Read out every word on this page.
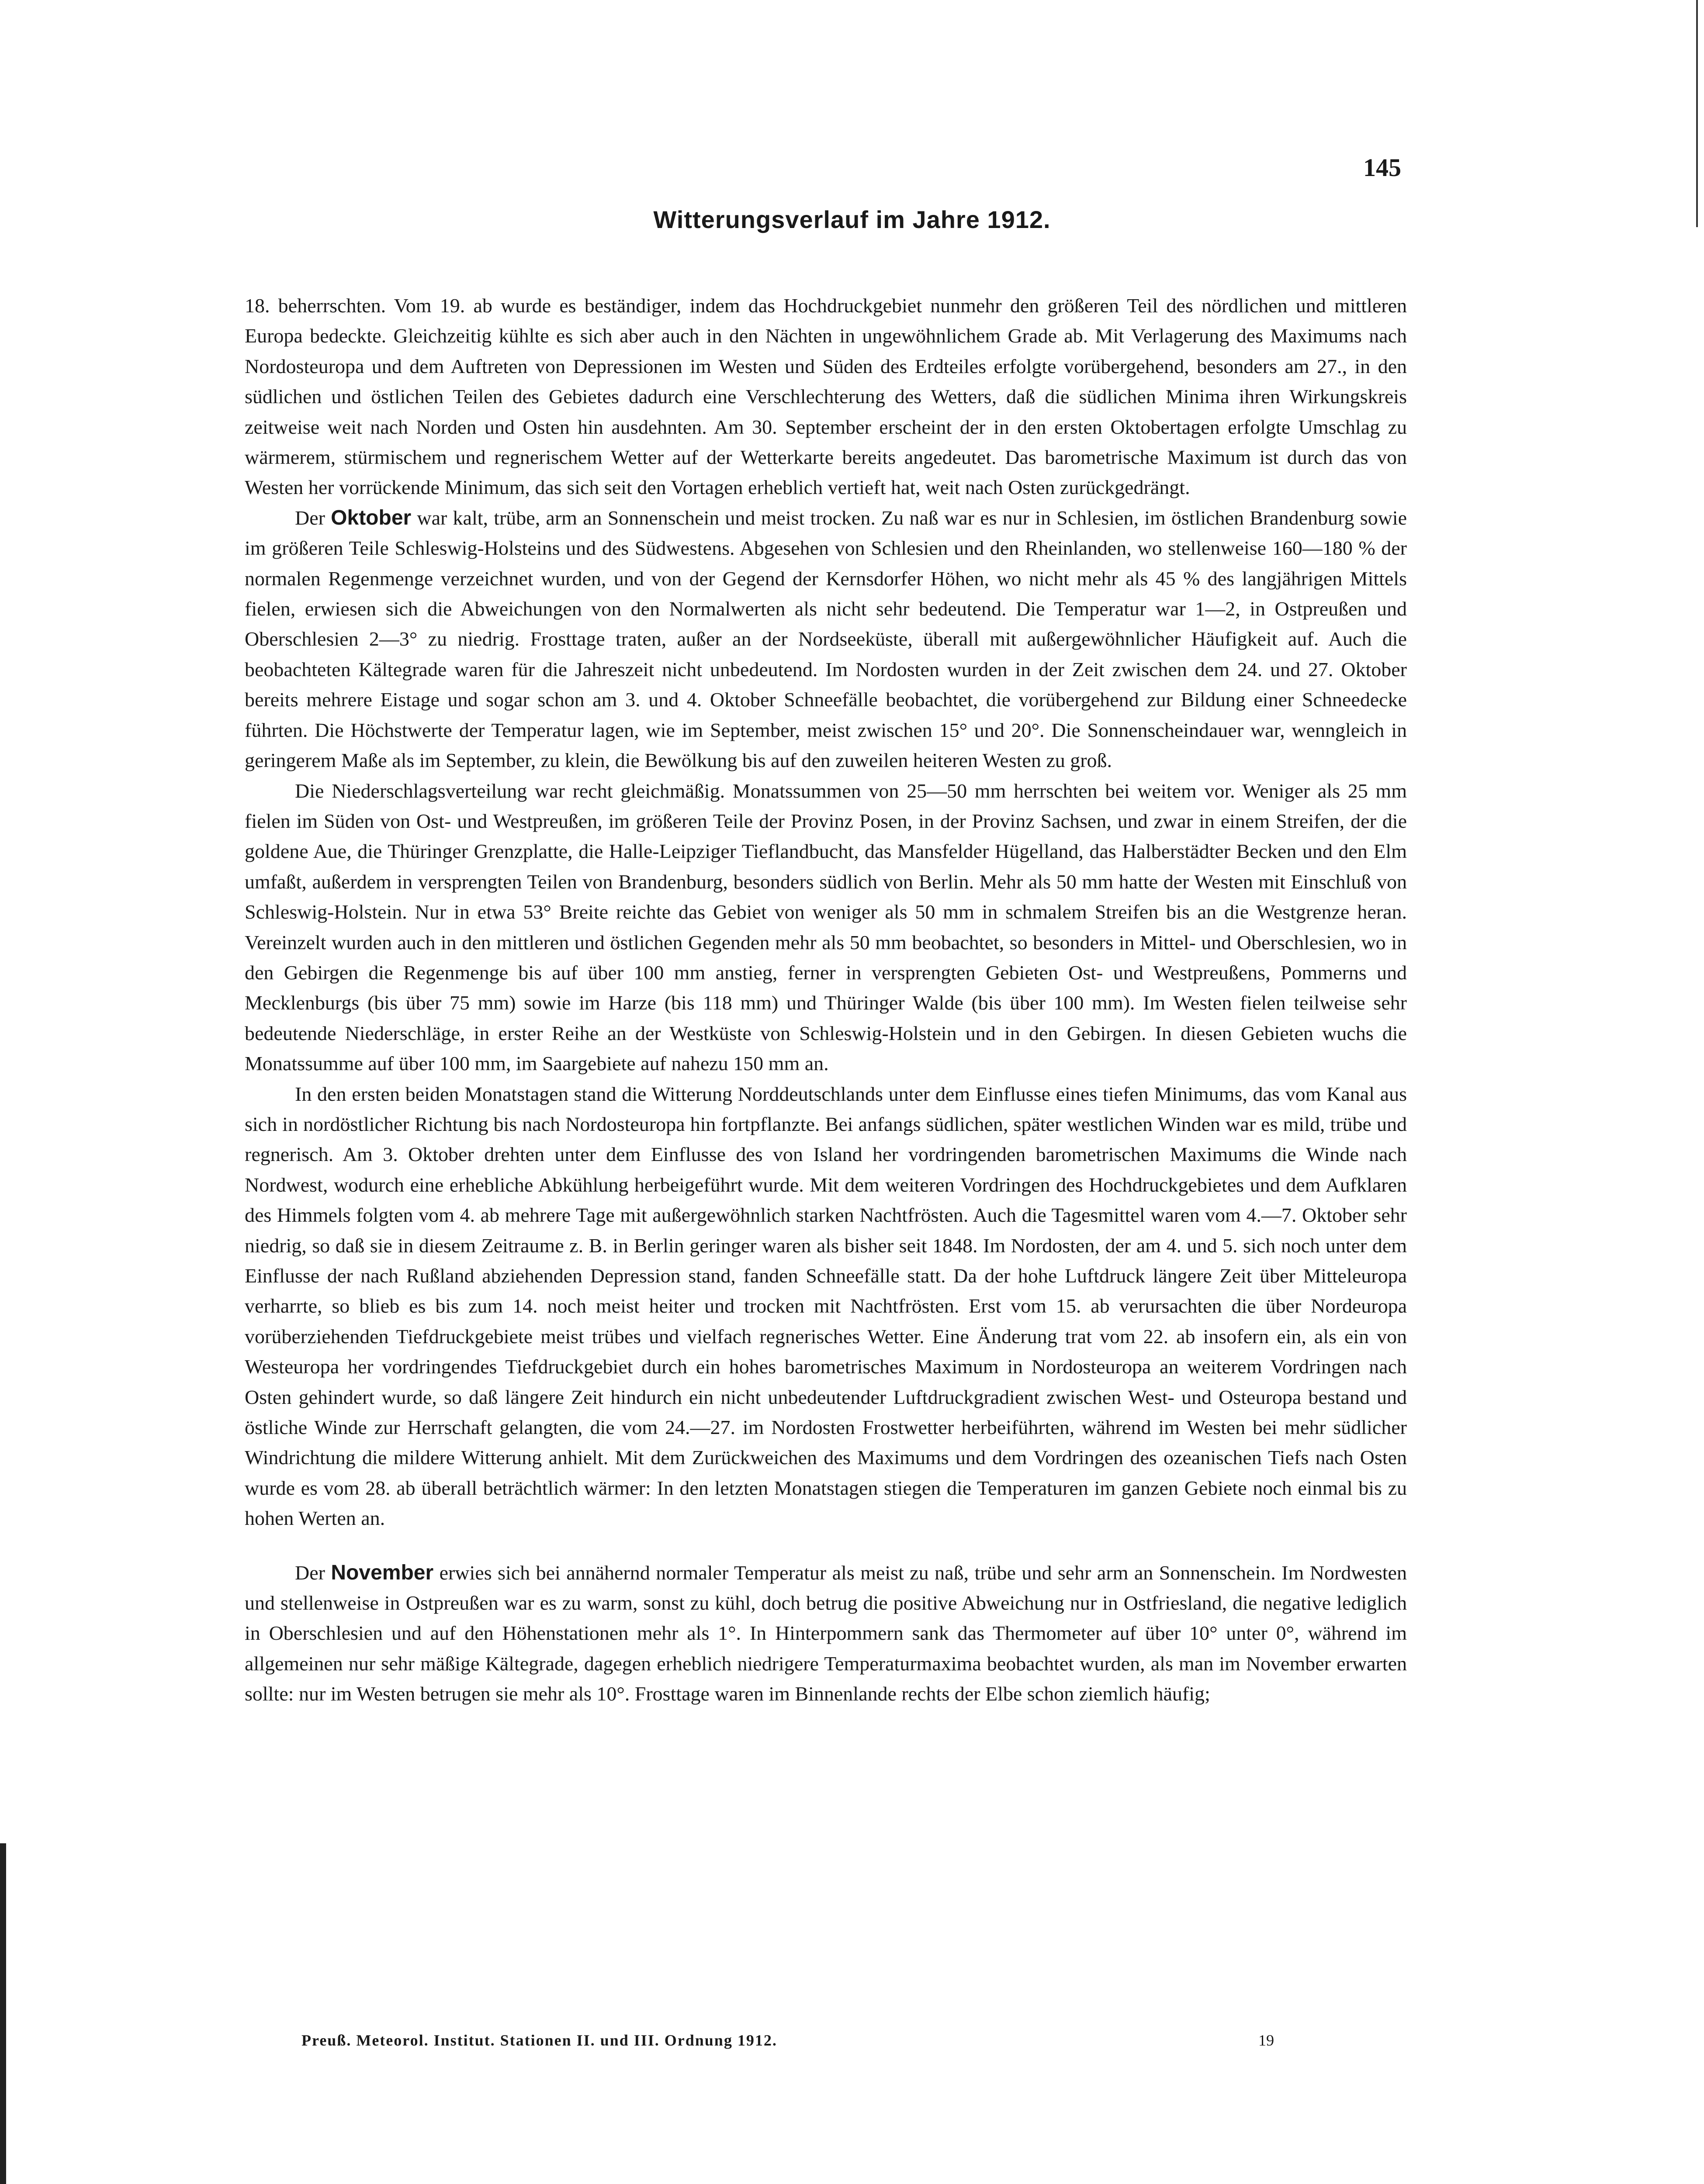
145
Witterungsverlauf im Jahre 1912.

18. beherrschten. Vom 19. ab wurde es beständiger, indem das Hochdruckgebiet nunmehr den größeren Teil des nördlichen und mittleren Europa bedeckte. Gleichzeitig kühlte es sich aber auch in den Nächten in ungewöhnlichem Grade ab. Mit Verlagerung des Maximums nach Nordosteuropa und dem Auftreten von Depressionen im Westen und Süden des Erdteiles erfolgte vorübergehend, besonders am 27., in den südlichen und östlichen Teilen des Gebietes dadurch eine Verschlechterung des Wetters, daß die südlichen Minima ihren Wirkungskreis zeitweise weit nach Norden und Osten hin ausdehnten. Am 30. September erscheint der in den ersten Oktobertagen erfolgte Umschlag zu wärmerem, stürmischem und regnerischem Wetter auf der Wetterkarte bereits angedeutet. Das barometrische Maximum ist durch das von Westen her vorrückende Minimum, das sich seit den Vortagen erheblich vertieft hat, weit nach Osten zurückgedrängt.

Der Oktober war kalt, trübe, arm an Sonnenschein und meist trocken. Zu naß war es nur in Schlesien, im östlichen Brandenburg sowie im größeren Teile Schleswig-Holsteins und des Südwestens. Abgesehen von Schlesien und den Rheinlanden, wo stellenweise 160—180 % der normalen Regenmenge verzeichnet wurden, und von der Gegend der Kernsdorfer Höhen, wo nicht mehr als 45 % des langjährigen Mittels fielen, erwiesen sich die Abweichungen von den Normalwerten als nicht sehr bedeutend. Die Temperatur war 1—2, in Ostpreußen und Oberschlesien 2—3° zu niedrig. Frosttage traten, außer an der Nordseeküste, überall mit außergewöhnlicher Häufigkeit auf. Auch die beobachteten Kältegrade waren für die Jahreszeit nicht unbedeutend. Im Nordosten wurden in der Zeit zwischen dem 24. und 27. Oktober bereits mehrere Eistage und sogar schon am 3. und 4. Oktober Schneefälle beobachtet, die vorübergehend zur Bildung einer Schneedecke führten. Die Höchstwerte der Temperatur lagen, wie im September, meist zwischen 15° und 20°. Die Sonnenscheindauer war, wenngleich in geringerem Maße als im September, zu klein, die Bewölkung bis auf den zuweilen heiteren Westen zu groß.

Die Niederschlagsverteilung war recht gleichmäßig. Monatssummen von 25—50 mm herrschten bei weitem vor. Weniger als 25 mm fielen im Süden von Ost- und Westpreußen, im größeren Teile der Provinz Posen, in der Provinz Sachsen, und zwar in einem Streifen, der die goldene Aue, die Thüringer Grenzplatte, die Halle-Leipziger Tieflandbucht, das Mansfelder Hügelland, das Halberstädter Becken und den Elm umfaßt, außerdem in versprengten Teilen von Brandenburg, besonders südlich von Berlin. Mehr als 50 mm hatte der Westen mit Einschluß von Schleswig-Holstein. Nur in etwa 53° Breite reichte das Gebiet von weniger als 50 mm in schmalem Streifen bis an die Westgrenze heran. Vereinzelt wurden auch in den mittleren und östlichen Gegenden mehr als 50 mm beobachtet, so besonders in Mittel- und Oberschlesien, wo in den Gebirgen die Regenmenge bis auf über 100 mm anstieg, ferner in versprengten Gebieten Ost- und Westpreußens, Pommerns und Mecklenburgs (bis über 75 mm) sowie im Harze (bis 118 mm) und Thüringer Walde (bis über 100 mm). Im Westen fielen teilweise sehr bedeutende Niederschläge, in erster Reihe an der Westküste von Schleswig-Holstein und in den Gebirgen. In diesen Gebieten wuchs die Monatssumme auf über 100 mm, im Saargebiete auf nahezu 150 mm an.

In den ersten beiden Monatstagen stand die Witterung Norddeutschlands unter dem Einflusse eines tiefen Minimums, das vom Kanal aus sich in nordöstlicher Richtung bis nach Nordosteuropa hin fortpflanzte. Bei anfangs südlichen, später westlichen Winden war es mild, trübe und regnerisch. Am 3. Oktober drehten unter dem Einflusse des von Island her vordringenden barometrischen Maximums die Winde nach Nordwest, wodurch eine erhebliche Abkühlung herbeigeführt wurde. Mit dem weiteren Vordringen des Hochdruckgebietes und dem Aufklaren des Himmels folgten vom 4. ab mehrere Tage mit außergewöhnlich starken Nachtfrösten. Auch die Tagesmittel waren vom 4.—7. Oktober sehr niedrig, so daß sie in diesem Zeitraume z. B. in Berlin geringer waren als bisher seit 1848. Im Nordosten, der am 4. und 5. sich noch unter dem Einflusse der nach Rußland abziehenden Depression stand, fanden Schneefälle statt. Da der hohe Luftdruck längere Zeit über Mitteleuropa verharrte, so blieb es bis zum 14. noch meist heiter und trocken mit Nachtfrösten. Erst vom 15. ab verursachten die über Nordeuropa vorüberziehenden Tiefdruckgebiete meist trübes und vielfach regnerisches Wetter. Eine Änderung trat vom 22. ab insofern ein, als ein von Westeuropa her vordringendes Tiefdruckgebiet durch ein hohes barometrisches Maximum in Nordosteuropa an weiterem Vordringen nach Osten gehindert wurde, so daß längere Zeit hindurch ein nicht unbedeutender Luftdruckgradient zwischen West- und Osteuropa bestand und östliche Winde zur Herrschaft gelangten, die vom 24.—27. im Nordosten Frostwetter herbeiführten, während im Westen bei mehr südlicher Windrichtung die mildere Witterung anhielt. Mit dem Zurückweichen des Maximums und dem Vordringen des ozeanischen Tiefs nach Osten wurde es vom 28. ab überall beträchtlich wärmer: In den letzten Monatstagen stiegen die Temperaturen im ganzen Gebiete noch einmal bis zu hohen Werten an.

Der November erwies sich bei annähernd normaler Temperatur als meist zu naß, trübe und sehr arm an Sonnenschein. Im Nordwesten und stellenweise in Ostpreußen war es zu warm, sonst zu kühl, doch betrug die positive Abweichung nur in Ostfriesland, die negative lediglich in Oberschlesien und auf den Höhenstationen mehr als 1°. In Hinterpommern sank das Thermometer auf über 10° unter 0°, während im allgemeinen nur sehr mäßige Kältegrade, dagegen erheblich niedrigere Temperaturmaxima beobachtet wurden, als man im November erwarten sollte: nur im Westen betrugen sie mehr als 10°. Frosttage waren im Binnenlande rechts der Elbe schon ziemlich häufig;

Preuß. Meteorol. Institut. Stationen II. und III. Ordnung 1912.	19
